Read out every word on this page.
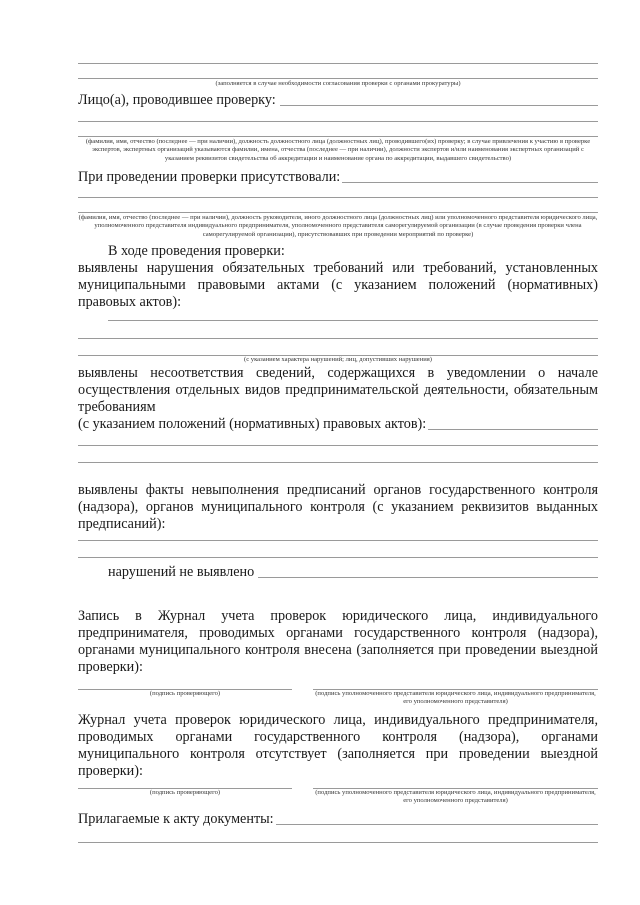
(заполняется в случае необходимости согласования проверки с органами прокуратуры)
Лицо(а), проводившее проверку:
(фамилия, имя, отчество (последнее — при наличии), должность должностного лица (должностных лиц), проводившего(их) проверку; в случае привлечения к участию в проверке экспертов, экспертных организаций указываются фамилии, имена, отчества (последнее — при наличии), должности экспертов и/или наименования экспертных организаций с указанием реквизитов свидетельства об аккредитации и наименование органа по аккредитации, выдавшего свидетельство)
При проведении проверки присутствовали:
(фамилия, имя, отчество (последнее — при наличии), должность руководителя, иного должностного лица (должностных лиц) или уполномоченного представителя юридического лица, уполномоченного представителя индивидуального предпринимателя, уполномоченного представителя саморегулируемой организации (в случае проведения проверки члена саморегулируемой организации), присутствовавших при проведении мероприятий по проверке)
В ходе проведения проверки:
выявлены нарушения обязательных требований или требований, установленных
муниципальными правовыми актами (с указанием положений (нормативных)
правовых актов):
(с указанием характера нарушений; лиц, допустивших нарушения)
выявлены несоответствия сведений, содержащихся в уведомлении о начале
осуществления отдельных видов предпринимательской деятельности, обязательным
требованиям
(с указанием положений (нормативных) правовых актов):
выявлены факты невыполнения предписаний органов государственного контроля
(надзора), органов муниципального контроля (с указанием реквизитов выданных
предписаний):
нарушений не выявлено
Запись в Журнал учета проверок юридического лица, индивидуального
предпринимателя, проводимых органами государственного контроля (надзора),
органами муниципального контроля внесена (заполняется при проведении выездной
проверки):
(подпись проверяющего)	(подпись уполномоченного представителя юридического лица, индивидуального предпринимателя, его уполномоченного представителя)
Журнал учета проверок юридического лица, индивидуального предпринимателя,
проводимых органами государственного контроля (надзора), органами
муниципального контроля отсутствует (заполняется при проведении выездной
проверки):
(подпись проверяющего)	(подпись уполномоченного представителя юридического лица, индивидуального предпринимателя, его уполномоченного представителя)
Прилагаемые к акту документы:
